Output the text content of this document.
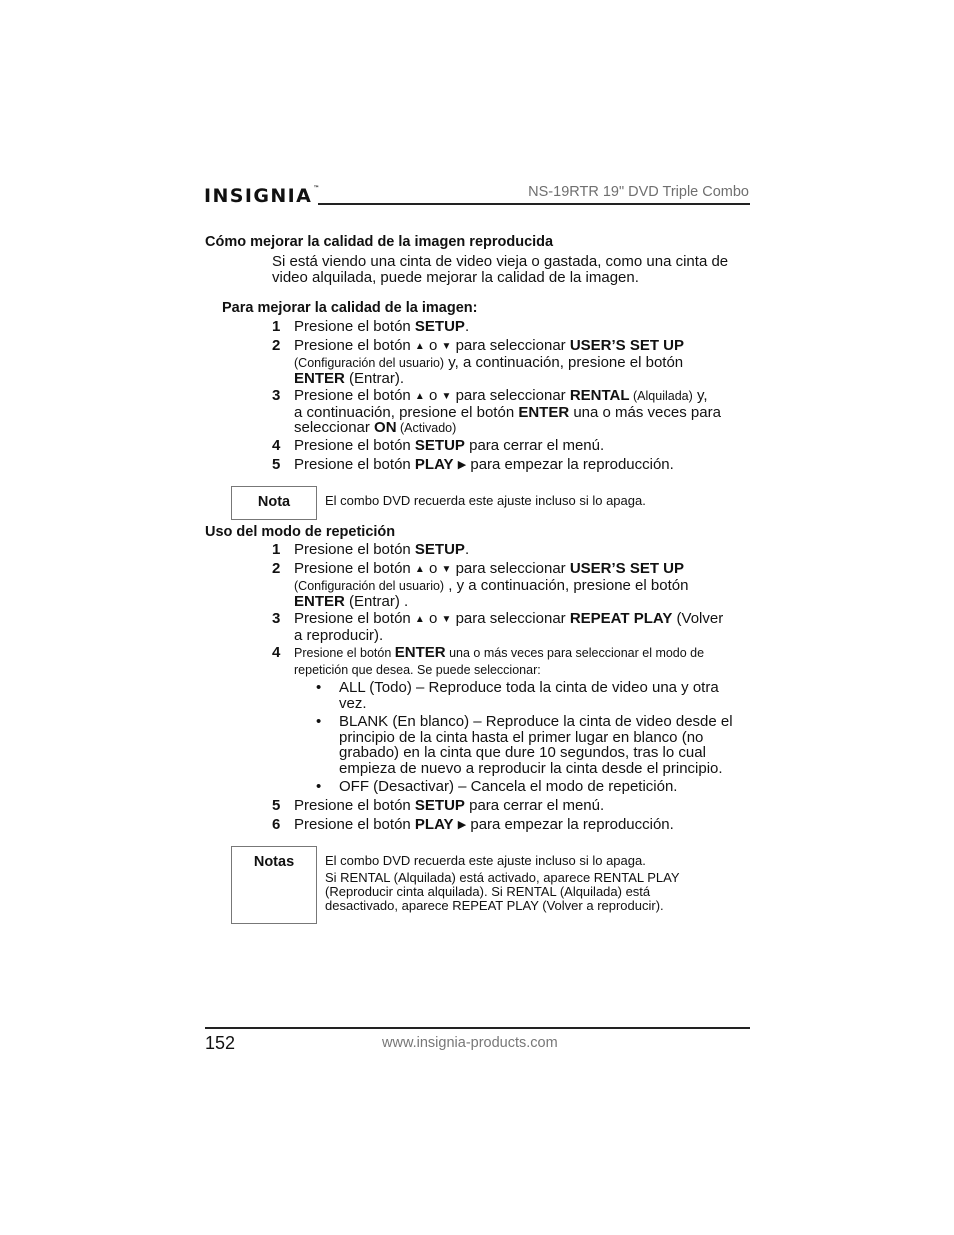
INSIGNIA™	NS-19RTR 19" DVD Triple Combo
Cómo mejorar la calidad de la imagen reproducida
Si está viendo una cinta de video vieja o gastada, como una cinta de
video alquilada, puede mejorar la calidad de la imagen.
Para mejorar la calidad de la imagen:
1 Presione el botón SETUP.
2 Presione el botón ▲ o ▼ para seleccionar USER’S SET UP
(Configuración del usuario) y, a continuación, presione el botón
ENTER (Entrar).
3 Presione el botón ▲ o ▼ para seleccionar RENTAL (Alquilada) y,
a continuación, presione el botón ENTER una o más veces para
seleccionar ON (Activado)
4 Presione el botón SETUP para cerrar el menú.
5 Presione el botón PLAY ▶ para empezar la reproducción.
Nota	El combo DVD recuerda este ajuste incluso si lo apaga.
Uso del modo de repetición
1 Presione el botón SETUP.
2 Presione el botón ▲ o ▼ para seleccionar USER’S SET UP
(Configuración del usuario) , y a continuación, presione el botón
ENTER (Entrar) .
3 Presione el botón ▲ o ▼ para seleccionar REPEAT PLAY (Volver
a reproducir).
4 Presione el botón ENTER una o más veces para seleccionar el modo de
repetición que desea. Se puede seleccionar:
• ALL (Todo) – Reproduce toda la cinta de video una y otra
vez.
• BLANK (En blanco) – Reproduce la cinta de video desde el
principio de la cinta hasta el primer lugar en blanco (no
grabado) en la cinta que dure 10 segundos, tras lo cual
empieza de nuevo a reproducir la cinta desde el principio.
• OFF (Desactivar) – Cancela el modo de repetición.
5 Presione el botón SETUP para cerrar el menú.
6 Presione el botón PLAY ▶ para empezar la reproducción.
Notas	El combo DVD recuerda este ajuste incluso si lo apaga.
Si RENTAL (Alquilada) está activado, aparece RENTAL PLAY
(Reproducir cinta alquilada). Si RENTAL (Alquilada) está
desactivado, aparece REPEAT PLAY (Volver a reproducir).
152	www.insignia-products.com
